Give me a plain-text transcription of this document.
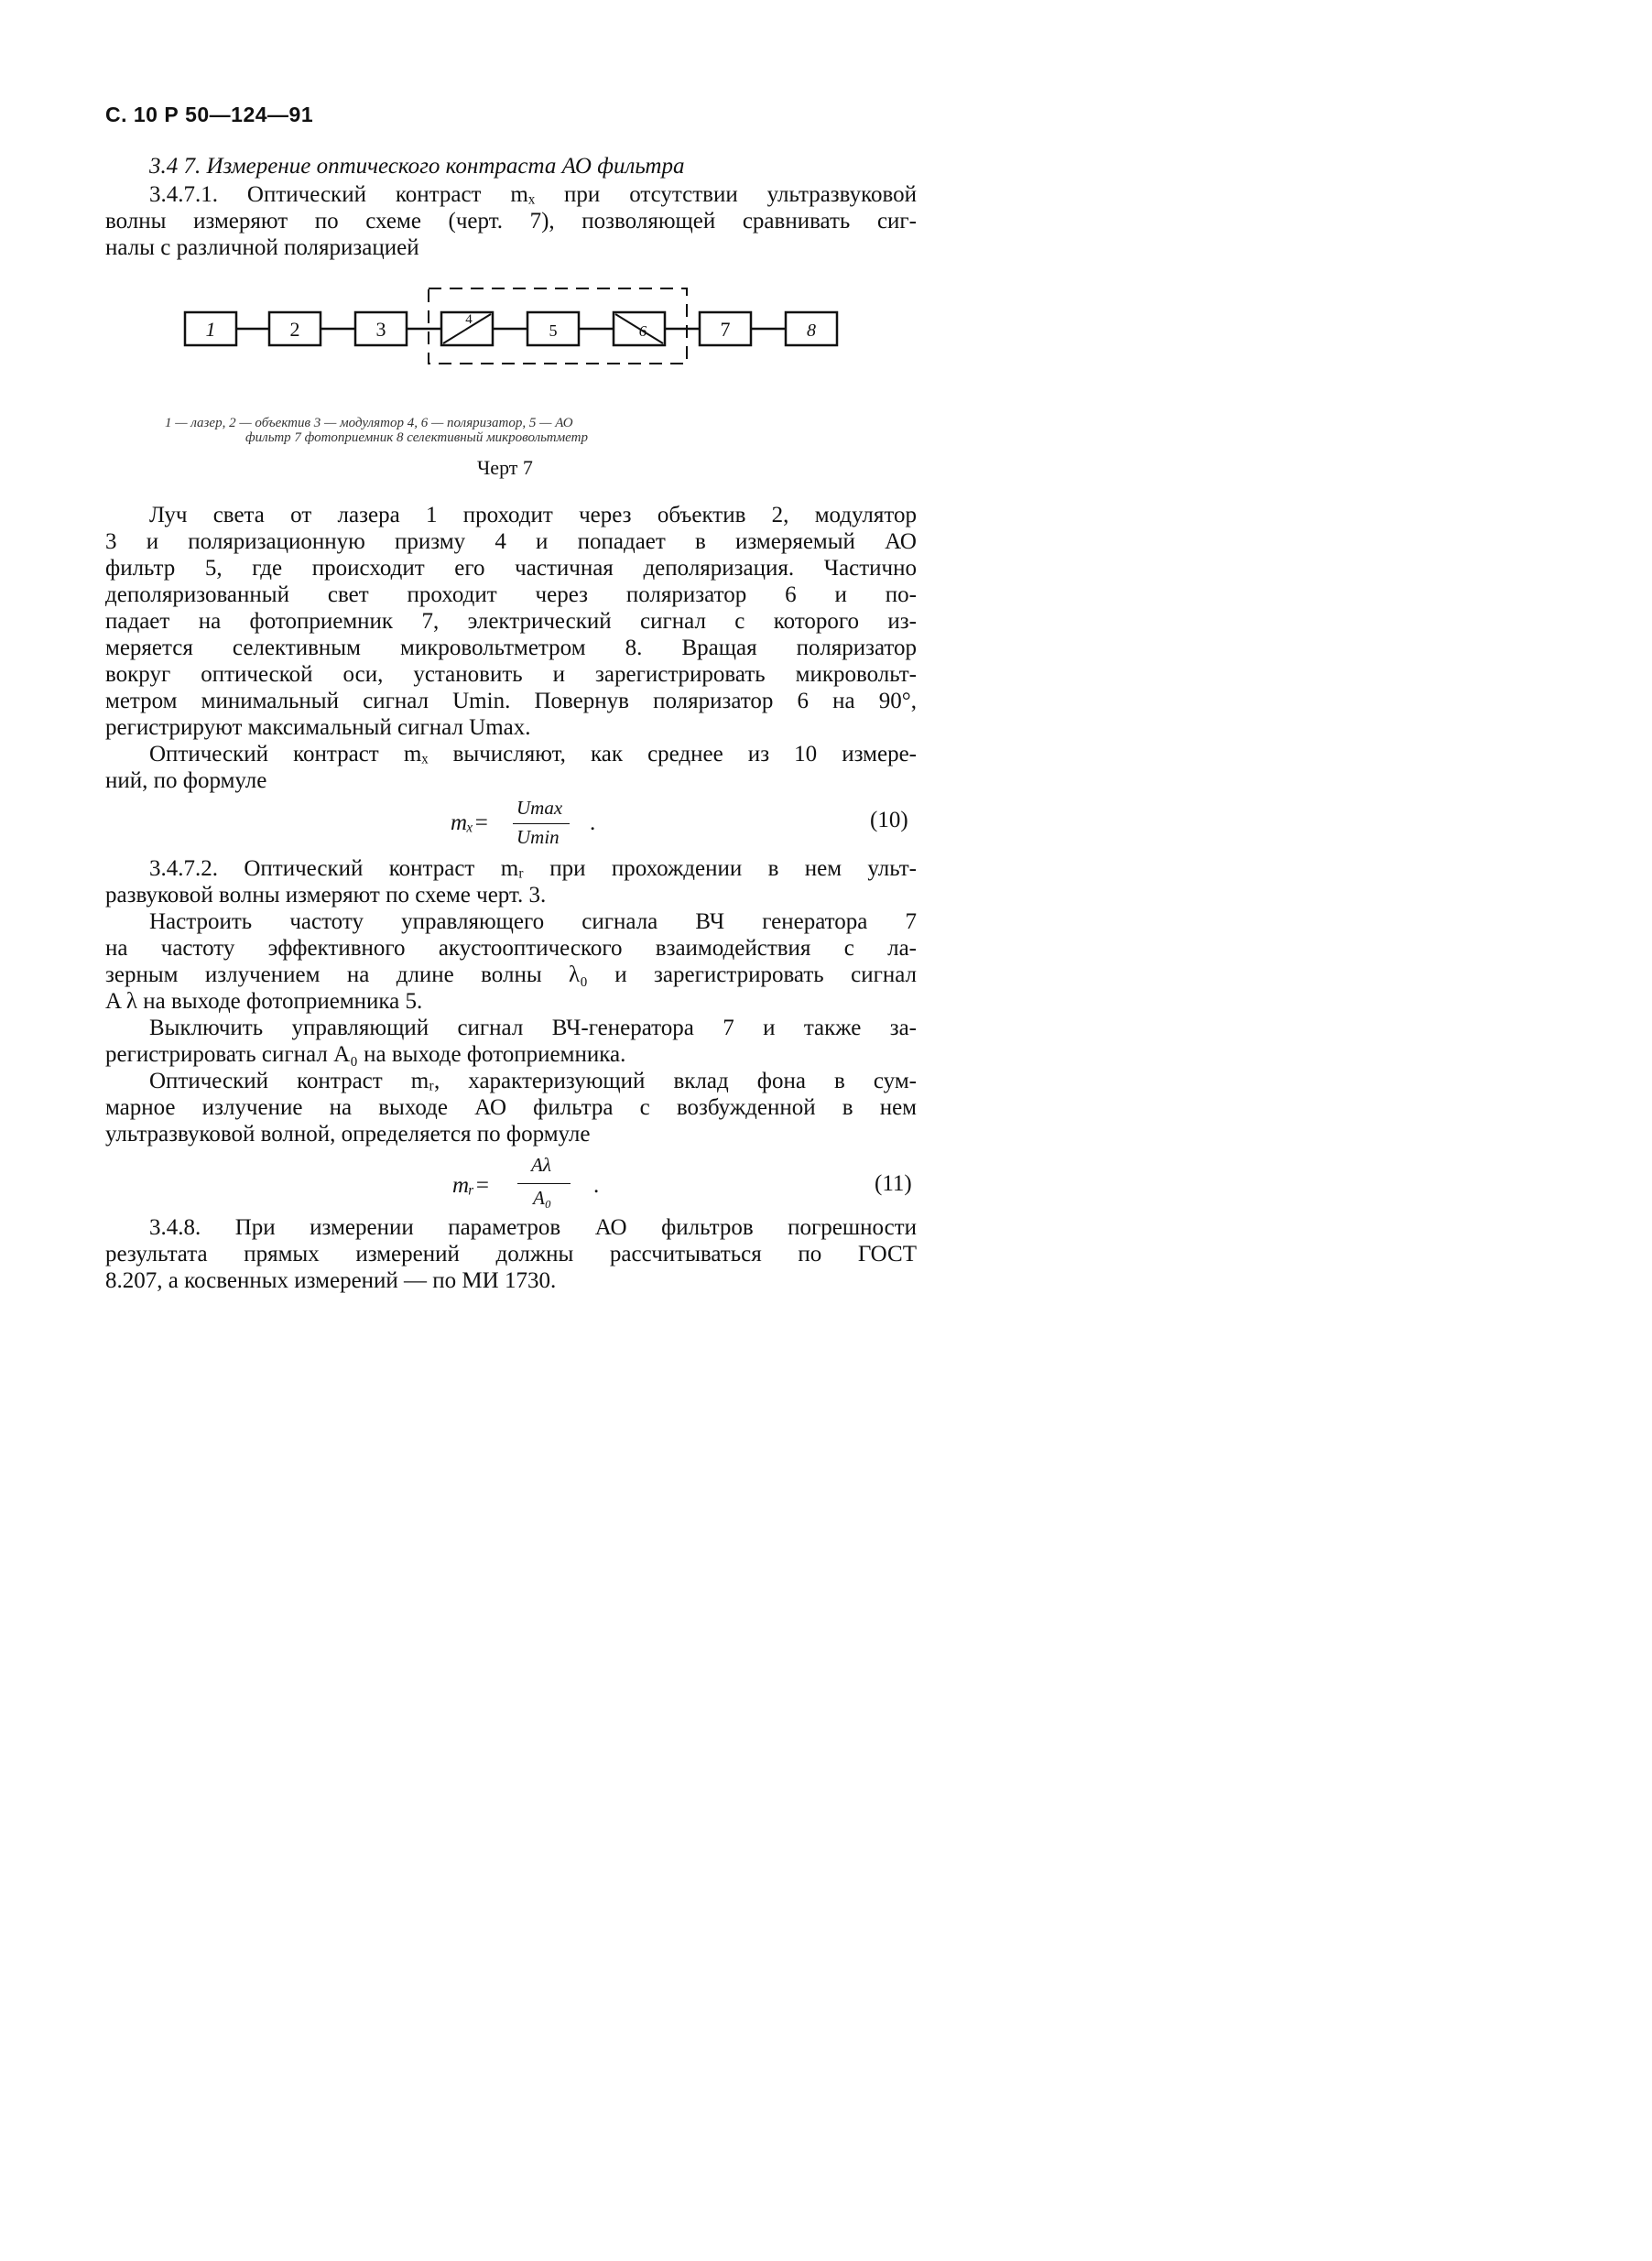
С. 10 Р 50—124—91
3.4 7. Измерение оптического контраста АО фильтра
3.4.7.1. Оптический контраст mₓ при отсутствии ультразвуковой
волны измеряют по схеме (черт. 7), позволяющей сравнивать сиг-
налы с различной поляризацией
1	2	3	4
5	6	7	8
1 — лазер, 2 — объектив 3 — модулятор 4, 6 — поляризатор, 5 — АО
фильтр 7 фотоприемник 8 селективный микровольтметр
Черт 7
Луч света от лазера 1 проходит через объектив 2, модулятор
3 и поляризационную призму 4 и попадает в измеряемый АО
фильтр 5, где происходит его частичная деполяризация. Частично
деполяризованный свет проходит через поляризатор 6 и по-
падает на фотоприемник 7, электрический сигнал с которого из-
меряется селективным микровольтметром 8. Вращая поляризатор
вокруг оптической оси, установить и зарегистрировать микровольт-
метром минимальный сигнал Umin. Повернув поляризатор 6 на 90°,
регистрируют максимальный сигнал Umax.
Оптический контраст mₓ вычисляют, как среднее из 10 измере-
ний, по формуле
mₓ=
Umax
Umin
.	(10)
3.4.7.2. Оптический контраст mᵣ при прохождении в нем ульт-
развуковой волны измеряют по схеме черт. 3.
Настроить частоту управляющего сигнала ВЧ генератора 7
на частоту эффективного акустооптического взаимодействия с ла-
зерным излучением на длине волны λ₀ и зарегистрировать сигнал
A λ на выходе фотоприемника 5.
Выключить управляющий сигнал ВЧ-генератора 7 и также за-
регистрировать сигнал A₀ на выходе фотоприемника.
Оптический контраст mᵣ, характеризующий вклад фона в сум-
марное излучение на выходе АО фильтра с возбужденной в нем
ультразвуковой волной, определяется по формуле
mᵣ=
Aλ
A₀ .	(11)
3.4.8. При измерении параметров АО фильтров погрешности
результата прямых измерений должны рассчитываться по ГОСТ
8.207, а косвенных измерений — по МИ 1730.
